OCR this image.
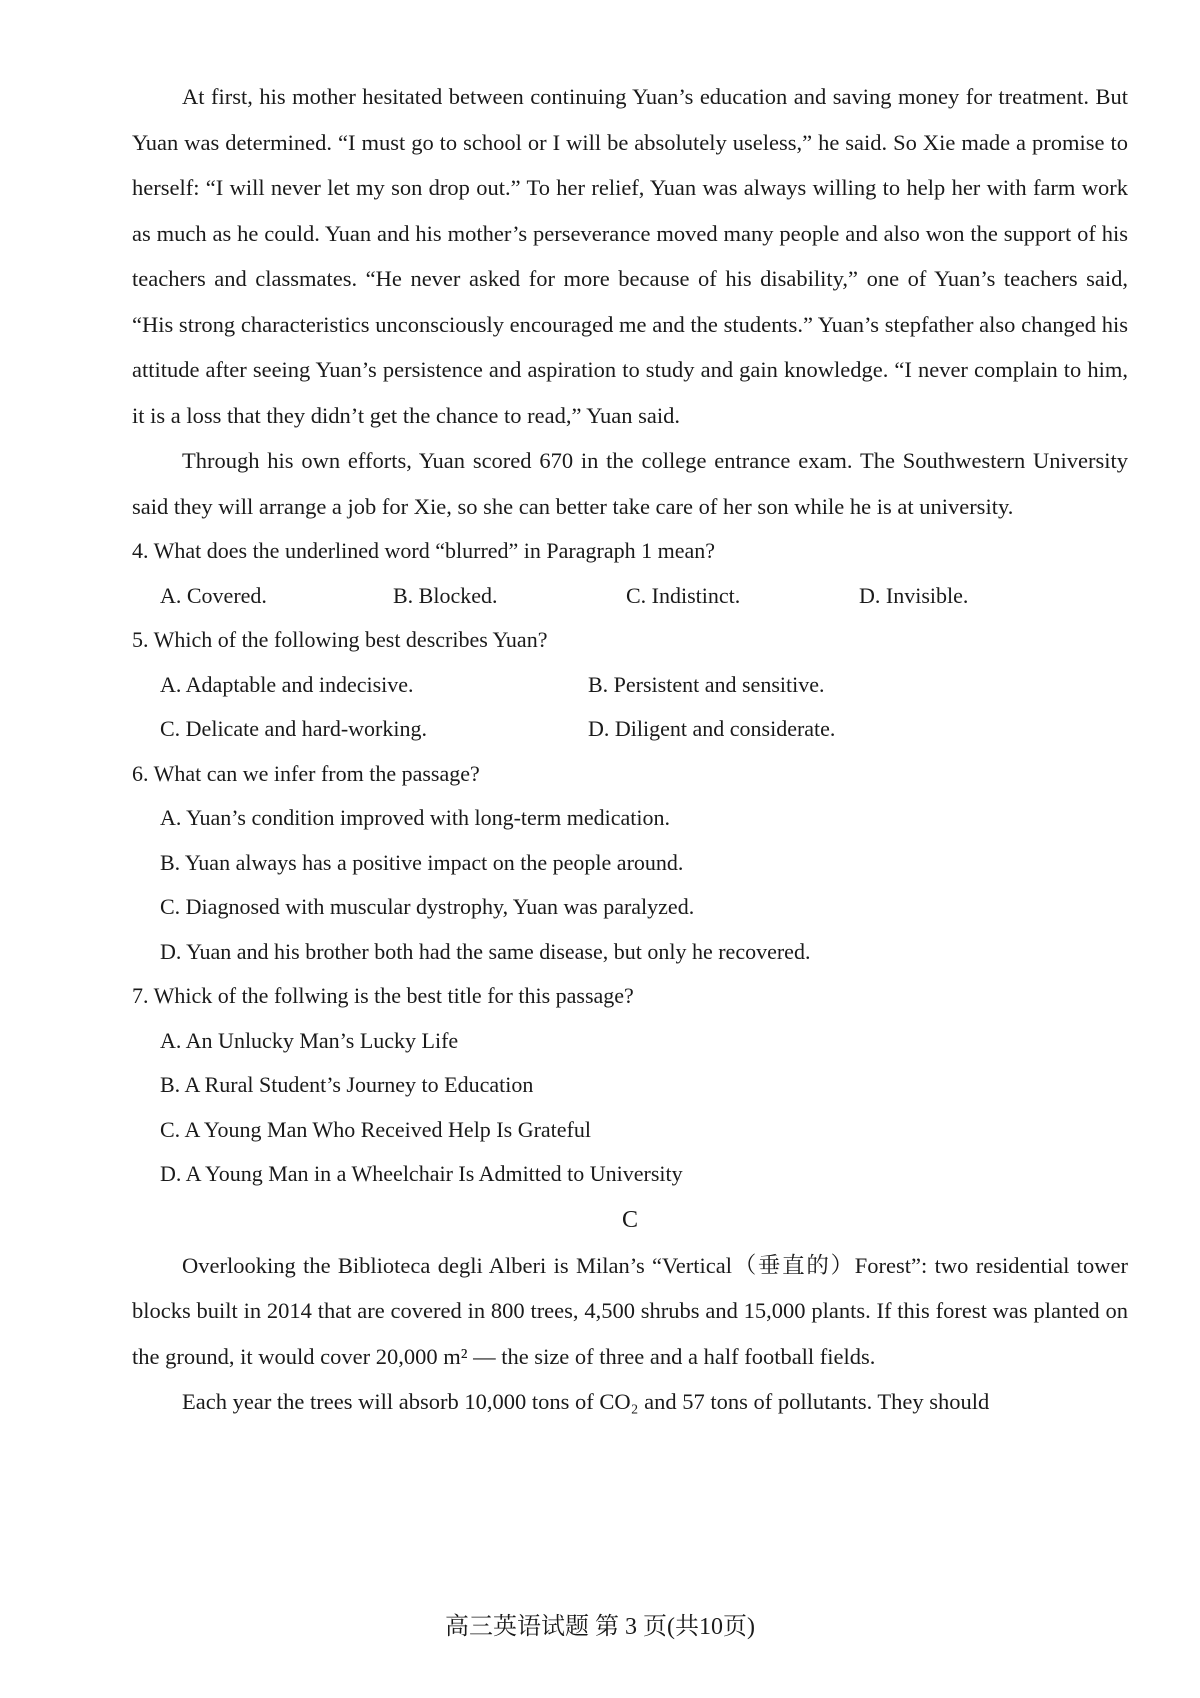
At first, his mother hesitated between continuing Yuan’s education and saving money for treatment. But Yuan was determined. “I must go to school or I will be absolutely useless,” he said. So Xie made a promise to herself: “I will never let my son drop out.” To her relief, Yuan was always willing to help her with farm work as much as he could. Yuan and his mother’s perseverance moved many people and also won the support of his teachers and classmates. “He never asked for more because of his disability,” one of Yuan’s teachers said, “His strong characteristics unconsciously encouraged me and the students.” Yuan’s stepfather also changed his attitude after seeing Yuan’s persistence and aspiration to study and gain knowledge. “I never complain to him, it is a loss that they didn’t get the chance to read,” Yuan said.

Through his own efforts, Yuan scored 670 in the college entrance exam. The Southwestern University said they will arrange a job for Xie, so she can better take care of her son while he is at university.

4. What does the underlined word “blurred” in Paragraph 1 mean?

A. Covered.	B. Blocked.	C. Indistinct.	D. Invisible.

5. Which of the following best describes Yuan?

A. Adaptable and indecisive.	B. Persistent and sensitive.
C. Delicate and hard-working.	D. Diligent and considerate.

6. What can we infer from the passage?

A. Yuan’s condition improved with long-term medication.
B. Yuan always has a positive impact on the people around.
C. Diagnosed with muscular dystrophy, Yuan was paralyzed.
D. Yuan and his brother both had the same disease, but only he recovered.

7. Whick of the follwing is the best title for this passage?

A. An Unlucky Man’s Lucky Life
B. A Rural Student’s Journey to Education
C. A Young Man Who Received Help Is Grateful
D. A Young Man in a Wheelchair Is Admitted to University

C

Overlooking the Biblioteca degli Alberi is Milan’s “Vertical（垂直的）Forest”: two residential tower blocks built in 2014 that are covered in 800 trees, 4,500 shrubs and 15,000 plants. If this forest was planted on the ground, it would cover 20,000 m² — the size of three and a half football fields.

Each year the trees will absorb 10,000 tons of CO₂ and 57 tons of pollutants. They should

高三英语试题 第 3 页(共10页)
